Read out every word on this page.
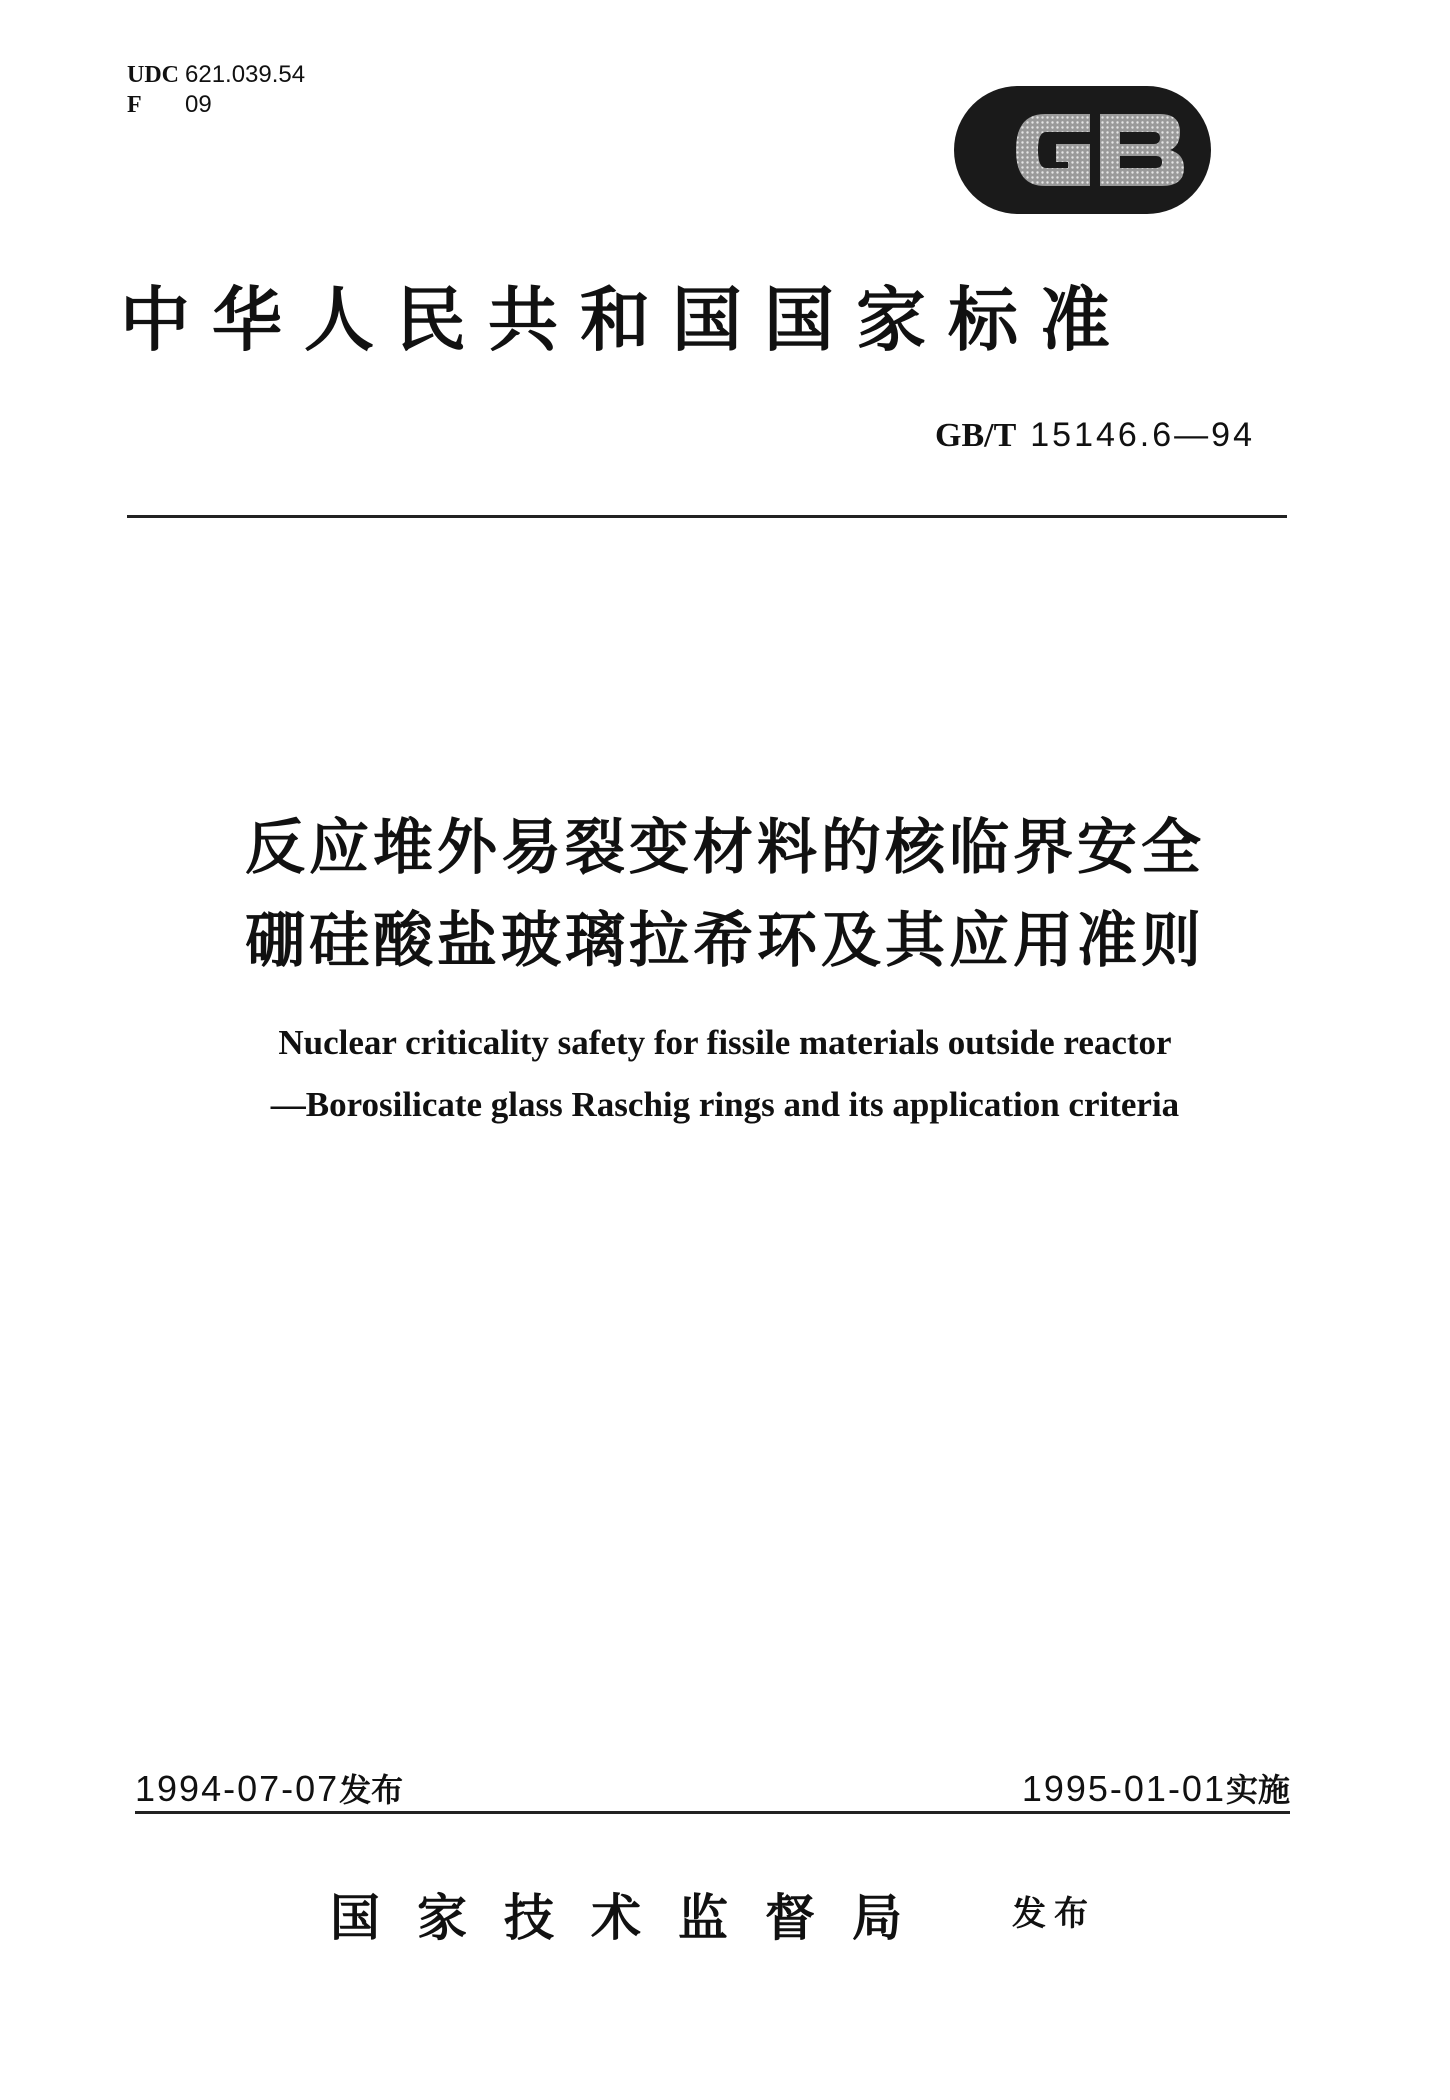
UDC 621.039.54
F 09
中华人民共和国国家标准
GB/T 15146.6—94
反应堆外易裂变材料的核临界安全
硼硅酸盐玻璃拉希环及其应用准则
Nuclear criticality safety for fissile materials outside reactor
—Borosilicate glass Raschig rings and its application criteria
1994-07-07发布	1995-01-01实施
国家技术监督局 发布
